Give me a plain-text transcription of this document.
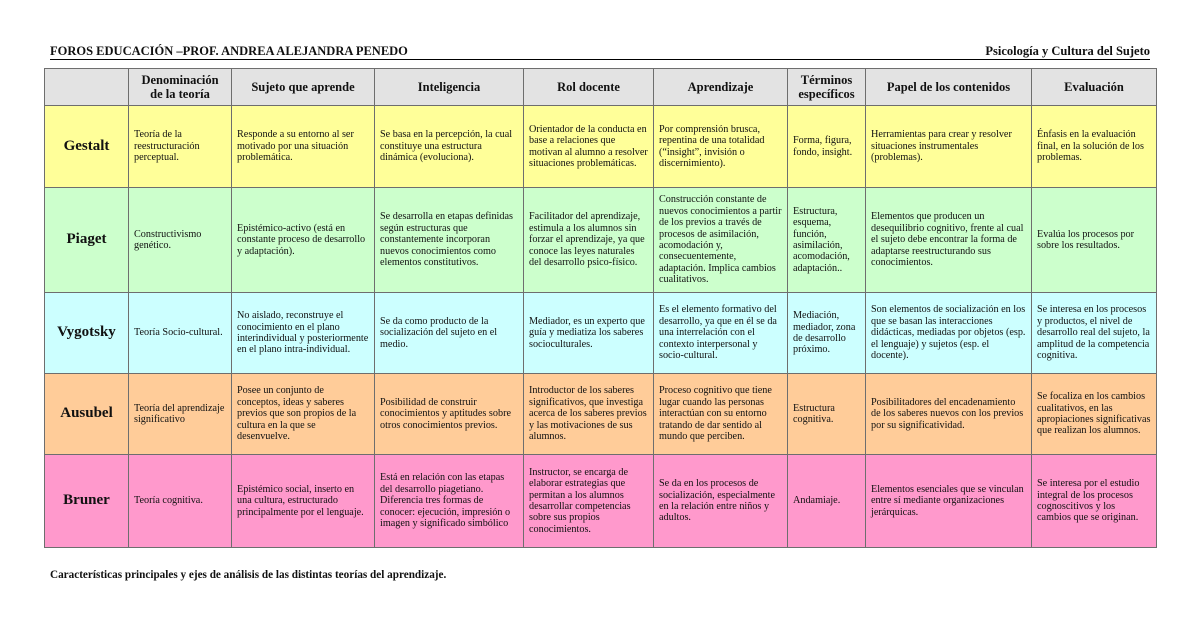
FOROS EDUCACIÓN –PROF. ANDREA ALEJANDRA PENEDO	Psicología y Cultura del Sujeto
	Denominación de la teoría	Sujeto que aprende	Inteligencia	Rol docente	Aprendizaje	Términos específicos	Papel de los contenidos	Evaluación
Gestalt	Teoría de la reestructuración perceptual.	Responde a su entorno al ser motivado por una situación problemática.	Se basa en la percepción, la cual constituye una estructura dinámica (evoluciona).	Orientador de la conducta en base a relaciones que motivan al alumno a resolver situaciones problemáticas.	Por comprensión brusca, repentina de una totalidad (“insight”, invisión o discernimiento).	Forma, figura, fondo, insight.	Herramientas para crear y resolver situaciones instrumentales (problemas).	Énfasis en la evaluación final, en la solución de los problemas.
Piaget	Constructivismo genético.	Epistémico-activo (está en constante proceso de desarrollo y adaptación).	Se desarrolla en etapas definidas según estructuras que constantemente incorporan nuevos conocimientos como elementos constitutivos.	Facilitador del aprendizaje, estimula a los alumnos sin forzar el aprendizaje, ya que conoce las leyes naturales del desarrollo psico-físico.	Construcción constante de nuevos conocimientos a partir de los previos a través de procesos de asimilación, acomodación y, consecuentemente, adaptación. Implica cambios cualitativos.	Estructura, esquema, función, asimilación, acomodación, adaptación..	Elementos que producen un desequilibrio cognitivo, frente al cual el sujeto debe encontrar la forma de adaptarse reestructurando sus conocimientos.	Evalúa los procesos por sobre los resultados.
Vygotsky	Teoría Socio-cultural.	No aislado, reconstruye el conocimiento en el plano interindividual y posteriormente en el plano intra-individual.	Se da como producto de la socialización del sujeto en el medio.	Mediador, es un experto que guía y mediatiza los saberes socioculturales.	Es el elemento formativo del desarrollo, ya que en él se da una interrelación con el contexto interpersonal y socio-cultural.	Mediación, mediador, zona de desarrollo próximo.	Son elementos de socialización en los que se basan las interacciones didácticas, mediadas por objetos (esp. el lenguaje) y sujetos (esp. el docente).	Se interesa en los procesos y productos, el nivel de desarrollo real del sujeto, la amplitud de la competencia cognitiva.
Ausubel	Teoría del aprendizaje significativo	Posee un conjunto de conceptos, ideas y saberes previos que son propios de la cultura en la que se desenvuelve.	Posibilidad de construir conocimientos y aptitudes sobre otros conocimientos previos.	Introductor de los saberes significativos, que investiga acerca de los saberes previos y las motivaciones de sus alumnos.	Proceso cognitivo que tiene lugar cuando las personas interactúan con su entorno tratando de dar sentido al mundo que perciben.	Estructura cognitiva.	Posibilitadores del encadenamiento de los saberes nuevos con los previos por su significatividad.	Se focaliza en los cambios cualitativos, en las apropiaciones significativas que realizan los alumnos.
Bruner	Teoría cognitiva.	Epistémico social, inserto en una cultura, estructurado principalmente por el lenguaje.	Está en relación con las etapas del desarrollo piagetiano. Diferencia tres formas de conocer: ejecución, impresión o imagen y significado simbólico	Instructor, se encarga de elaborar estrategias que permitan a los alumnos desarrollar competencias sobre sus propios conocimientos.	Se da en los procesos de socialización, especialmente en la relación entre niños y adultos.	Andamiaje.	Elementos esenciales que se vinculan entre sí mediante organizaciones jerárquicas.	Se interesa por el estudio integral de los procesos cognoscitivos y los cambios que se originan.
Características principales y ejes de análisis de las distintas teorías del aprendizaje.
